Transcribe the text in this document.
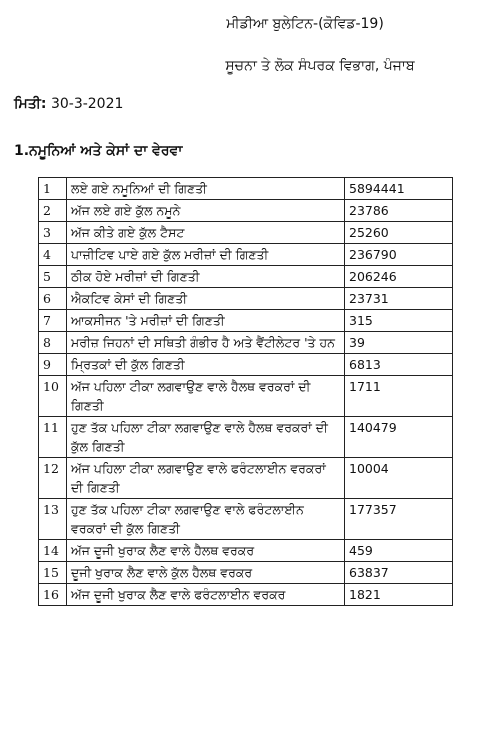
ਮੀਡੀਆ ਬੁਲੇਟਿਨ-(ਕੋਵਿਡ-19)
ਸੂਚਨਾ ਤੇ ਲੋਕ ਸੰਪਰਕ ਵਿਭਾਗ, ਪੰਜਾਬ
ਮਿਤੀ: 30-3-2021
1.ਨਮੂਨਿਆਂ ਅਤੇ ਕੇਸਾਂ ਦਾ ਵੇਰਵਾ
1	ਲਏ ਗਏ ਨਮੂਨਿਆਂ ਦੀ ਗਿਣਤੀ	5894441
2	ਅੱਜ ਲਏ ਗਏ ਕੁੱਲ ਨਮੂਨੇ	23786
3	ਅੱਜ ਕੀਤੇ ਗਏ ਕੁੱਲ ਟੈਸਟ	25260
4	ਪਾਜ਼ੀਟਿਵ ਪਾਏ ਗਏ ਕੁੱਲ ਮਰੀਜ਼ਾਂ ਦੀ ਗਿਣਤੀ	236790
5	ਠੀਕ ਹੋਏ ਮਰੀਜ਼ਾਂ ਦੀ ਗਿਣਤੀ	206246
6	ਐਕਟਿਵ ਕੇਸਾਂ ਦੀ ਗਿਣਤੀ	23731
7	ਆਕਸੀਜਨ 'ਤੇ ਮਰੀਜ਼ਾਂ ਦੀ ਗਿਣਤੀ	315
8	ਮਰੀਜ਼ ਜਿਹਨਾਂ ਦੀ ਸਥਿਤੀ ਗੰਭੀਰ ਹੈ ਅਤੇ ਵੈਂਟੀਲੇਟਰ 'ਤੇ ਹਨ	39
9	ਮ੍ਰਿਤਕਾਂ ਦੀ ਕੁੱਲ ਗਿਣਤੀ	6813
10	ਅੱਜ ਪਹਿਲਾ ਟੀਕਾ ਲਗਵਾਉਣ ਵਾਲੇ ਹੈਲਥ ਵਰਕਰਾਂ ਦੀ ਗਿਣਤੀ	1711
11	ਹੁਣ ਤੱਕ ਪਹਿਲਾ ਟੀਕਾ ਲਗਵਾਉਣ ਵਾਲੇ ਹੈਲਥ ਵਰਕਰਾਂ ਦੀ ਕੁੱਲ ਗਿਣਤੀ	140479
12	ਅੱਜ ਪਹਿਲਾ ਟੀਕਾ ਲਗਵਾਉਣ ਵਾਲੇ ਫਰੰਟਲਾਈਨ ਵਰਕਰਾਂ ਦੀ ਗਿਣਤੀ	10004
13	ਹੁਣ ਤੱਕ ਪਹਿਲਾ ਟੀਕਾ ਲਗਵਾਉਣ ਵਾਲੇ ਫਰੰਟਲਾਈਨ ਵਰਕਰਾਂ ਦੀ ਕੁੱਲ ਗਿਣਤੀ	177357
14	ਅੱਜ ਦੂਜੀ ਖੁਰਾਕ ਲੈਣ ਵਾਲੇ ਹੈਲਥ ਵਰਕਰ	459
15	ਦੂਜੀ ਖੁਰਾਕ ਲੈਣ ਵਾਲੇ ਕੁੱਲ ਹੈਲਥ ਵਰਕਰ	63837
16	ਅੱਜ ਦੂਜੀ ਖੁਰਾਕ ਲੈਣ ਵਾਲੇ ਫਰੰਟਲਾਈਨ ਵਰਕਰ	1821
